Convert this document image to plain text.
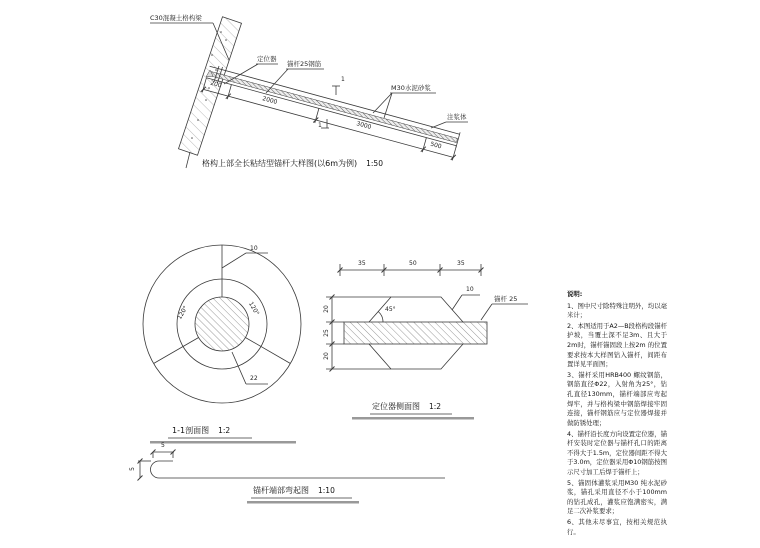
C30混凝土格构梁
定位器
锚杆25钢筋
M30水泥砂浆
注浆体
200
2000
3000
500
1
1
格构上部全长粘结型锚杆大样图(以6m为例) 1:50
10
22
120°	120°
1-1剖面图 1:2
35	50	35
20
25
20
10
锚杆 25
45°
定位器侧面图 1:2
5
5
锚杆端部弯起图 1:10

说明:

1、图中尺寸除特殊注明外，均以毫米计；

2、本图适用于A2—B段格构段锚杆护坡，当覆土深不足3m、且大于2m时，锚杆锚固段上按2m 的位置要求按本大样图钻入锚杆，间距布置详见平面图；

3、锚杆采用HRB400 螺纹钢筋，钢筋直径Φ22，入射角为25°，钻孔直径130mm，锚杆端部应弯起焊牢，并与格构梁中钢筋焊接牢固连接，锚杆钢筋应与定位器焊接并做防锈处理；

4、锚杆沿长度方向设置定位器，锚杆安装时定位器与锚杆孔口的距离不得大于1.5m，定位器间距不得大于3.0m，定位器采用Φ10钢筋按图示尺寸加工后焊于锚杆上；

5、锚固体灌浆采用M30 纯水泥砂浆，锚孔采用直径不小于100mm 的钻孔成孔，灌浆应饱满密实，满足二次补浆要求；

6、其他未尽事宜，按相关规范执行。
